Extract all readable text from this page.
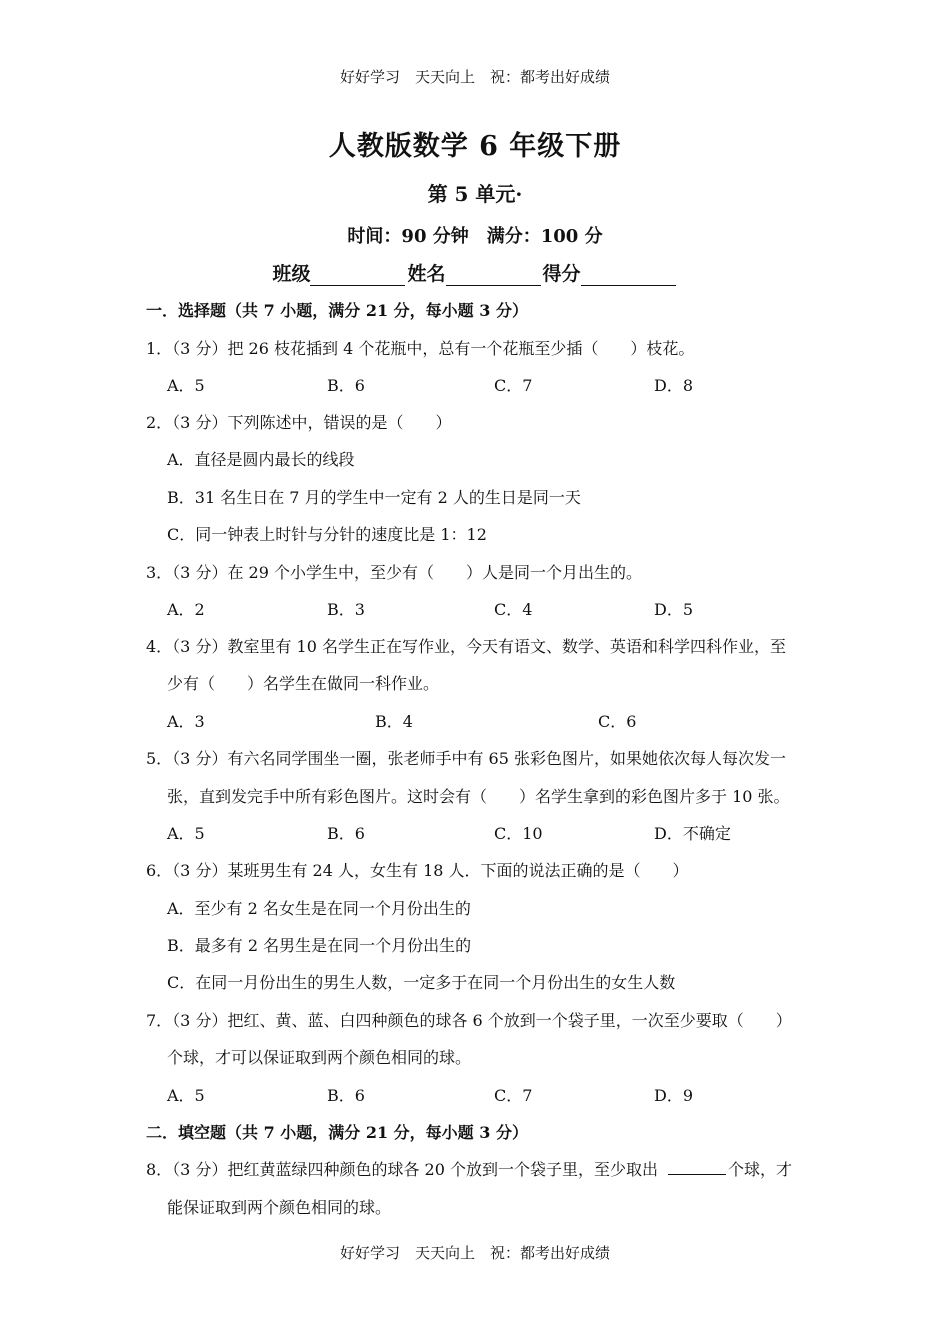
好好学习　天天向上　祝：都考出好成绩
人教版数学 6 年级下册
第 5 单元·
时间：90 分钟　满分：100 分
班级	姓名	得分
一．选择题（共 7 小题，满分 21 分，每小题 3 分）
1．（3 分）把 26 枝花插到 4 个花瓶中，总有一个花瓶至少插（　　）枝花。
A．5	B．6	C．7	D．8
2．（3 分）下列陈述中，错误的是（　　）
A．直径是圆内最长的线段
B．31 名生日在 7 月的学生中一定有 2 人的生日是同一天
C．同一钟表上时针与分针的速度比是 1：12
3．（3 分）在 29 个小学生中，至少有（　　）人是同一个月出生的。
A．2	B．3	C．4	D．5
4．（3 分）教室里有 10 名学生正在写作业，今天有语文、数学、英语和科学四科作业，至
少有（　　）名学生在做同一科作业。
A．3	B．4	C．6
5．（3 分）有六名同学围坐一圈，张老师手中有 65 张彩色图片，如果她依次每人每次发一
张，直到发完手中所有彩色图片。这时会有（　　）名学生拿到的彩色图片多于 10 张。
A．5	B．6	C．10	D．不确定
6．（3 分）某班男生有 24 人，女生有 18 人．下面的说法正确的是（　　）
A．至少有 2 名女生是在同一个月份出生的
B．最多有 2 名男生是在同一个月份出生的
C．在同一月份出生的男生人数，一定多于在同一个月份出生的女生人数
7．（3 分）把红、黄、蓝、白四种颜色的球各 6 个放到一个袋子里，一次至少要取（　　）
个球，才可以保证取到两个颜色相同的球。
A．5	B．6	C．7	D．9
二．填空题（共 7 小题，满分 21 分，每小题 3 分）
8．（3 分）把红黄蓝绿四种颜色的球各 20 个放到一个袋子里，至少取出	个球，才
能保证取到两个颜色相同的球。
好好学习　天天向上　祝：都考出好成绩
